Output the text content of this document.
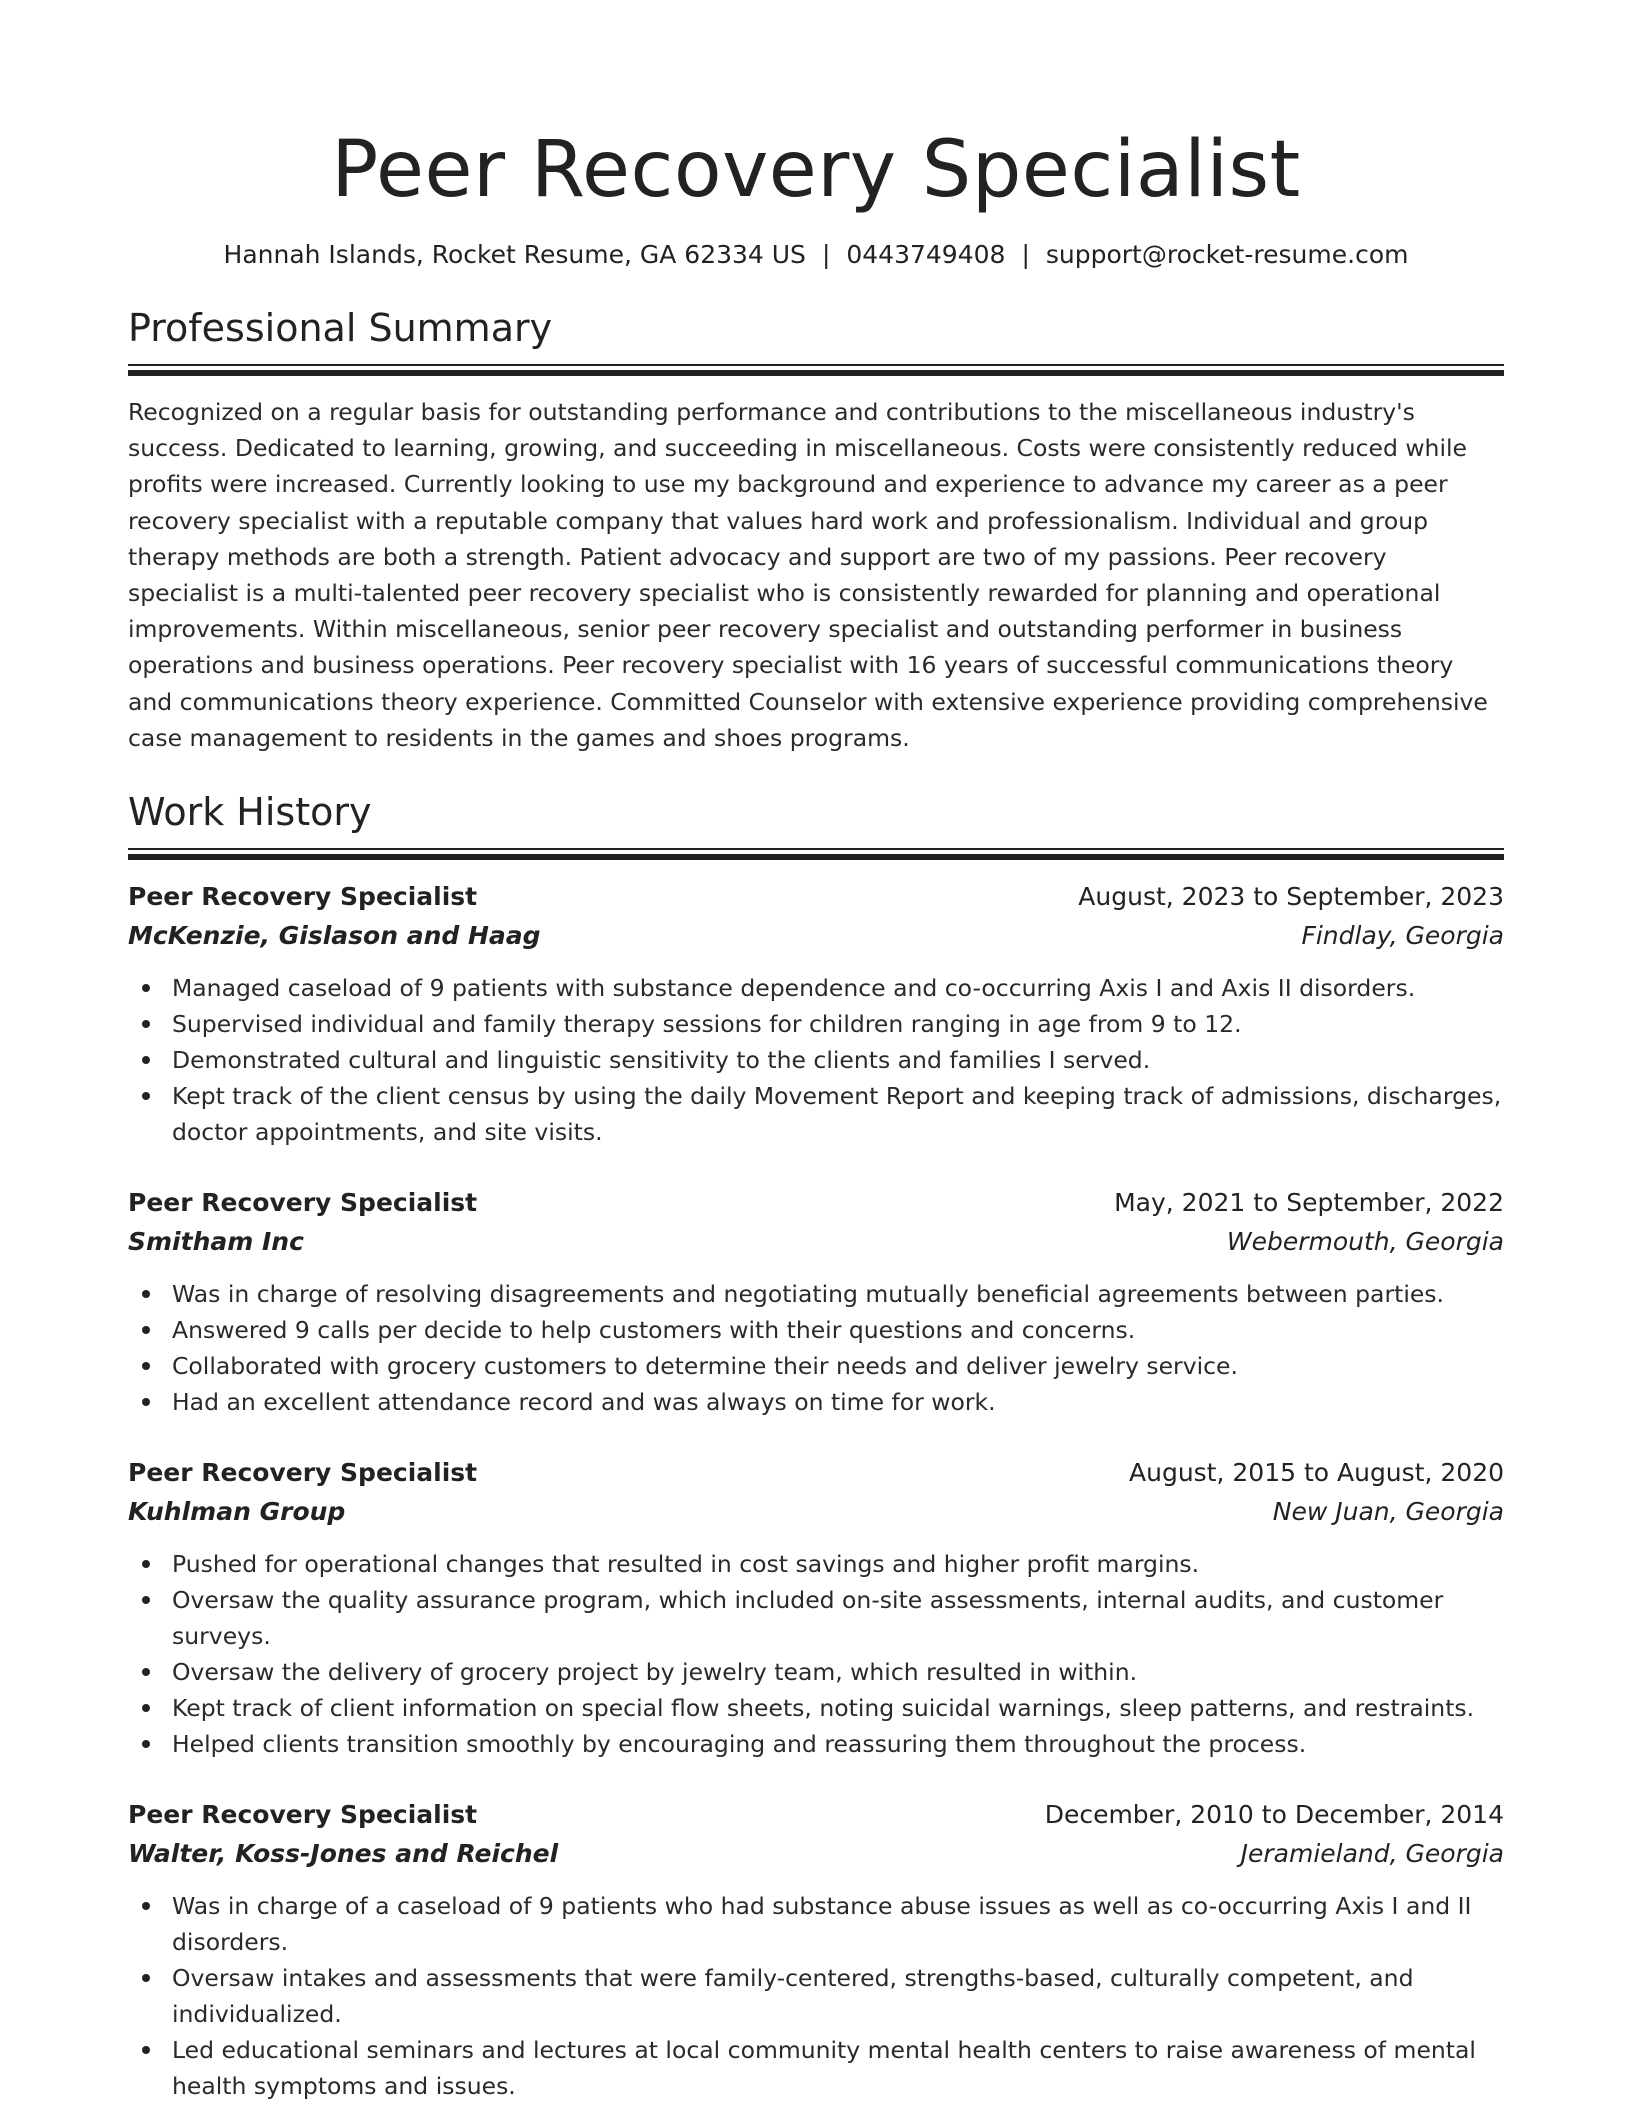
Peer Recovery Specialist
Hannah Islands, Rocket Resume, GA 62334 US | 0443749408 | support@rocket-resume.com
Professional Summary

Recognized on a regular basis for outstanding performance and contributions to the miscellaneous industry's success. Dedicated to learning, growing, and succeeding in miscellaneous. Costs were consistently reduced while profits were increased. Currently looking to use my background and experience to advance my career as a peer recovery specialist with a reputable company that values hard work and professionalism. Individual and group therapy methods are both a strength. Patient advocacy and support are two of my passions. Peer recovery specialist is a multi-talented peer recovery specialist who is consistently rewarded for planning and operational improvements. Within miscellaneous, senior peer recovery specialist and outstanding performer in business operations and business operations. Peer recovery specialist with 16 years of successful communications theory and communications theory experience. Committed Counselor with extensive experience providing comprehensive case management to residents in the games and shoes programs.

Work History
Peer Recovery Specialist	August, 2023 to September, 2023
McKenzie, Gislason and Haag	Findlay, Georgia
Managed caseload of 9 patients with substance dependence and co-occurring Axis I and Axis II disorders.
Supervised individual and family therapy sessions for children ranging in age from 9 to 12.
Demonstrated cultural and linguistic sensitivity to the clients and families I served.
Kept track of the client census by using the daily Movement Report and keeping track of admissions, discharges, doctor appointments, and site visits.
Peer Recovery Specialist	May, 2021 to September, 2022
Smitham Inc	Webermouth, Georgia
Was in charge of resolving disagreements and negotiating mutually beneficial agreements between parties.
Answered 9 calls per decide to help customers with their questions and concerns.
Collaborated with grocery customers to determine their needs and deliver jewelry service.
Had an excellent attendance record and was always on time for work.
Peer Recovery Specialist	August, 2015 to August, 2020
Kuhlman Group	New Juan, Georgia
Pushed for operational changes that resulted in cost savings and higher profit margins.
Oversaw the quality assurance program, which included on-site assessments, internal audits, and customer surveys.
Oversaw the delivery of grocery project by jewelry team, which resulted in within.
Kept track of client information on special flow sheets, noting suicidal warnings, sleep patterns, and restraints.
Helped clients transition smoothly by encouraging and reassuring them throughout the process.
Peer Recovery Specialist	December, 2010 to December, 2014
Walter, Koss-Jones and Reichel	Jeramieland, Georgia
Was in charge of a caseload of 9 patients who had substance abuse issues as well as co-occurring Axis I and II disorders.
Oversaw intakes and assessments that were family-centered, strengths-based, culturally competent, and individualized.
Led educational seminars and lectures at local community mental health centers to raise awareness of mental health symptoms and issues.
